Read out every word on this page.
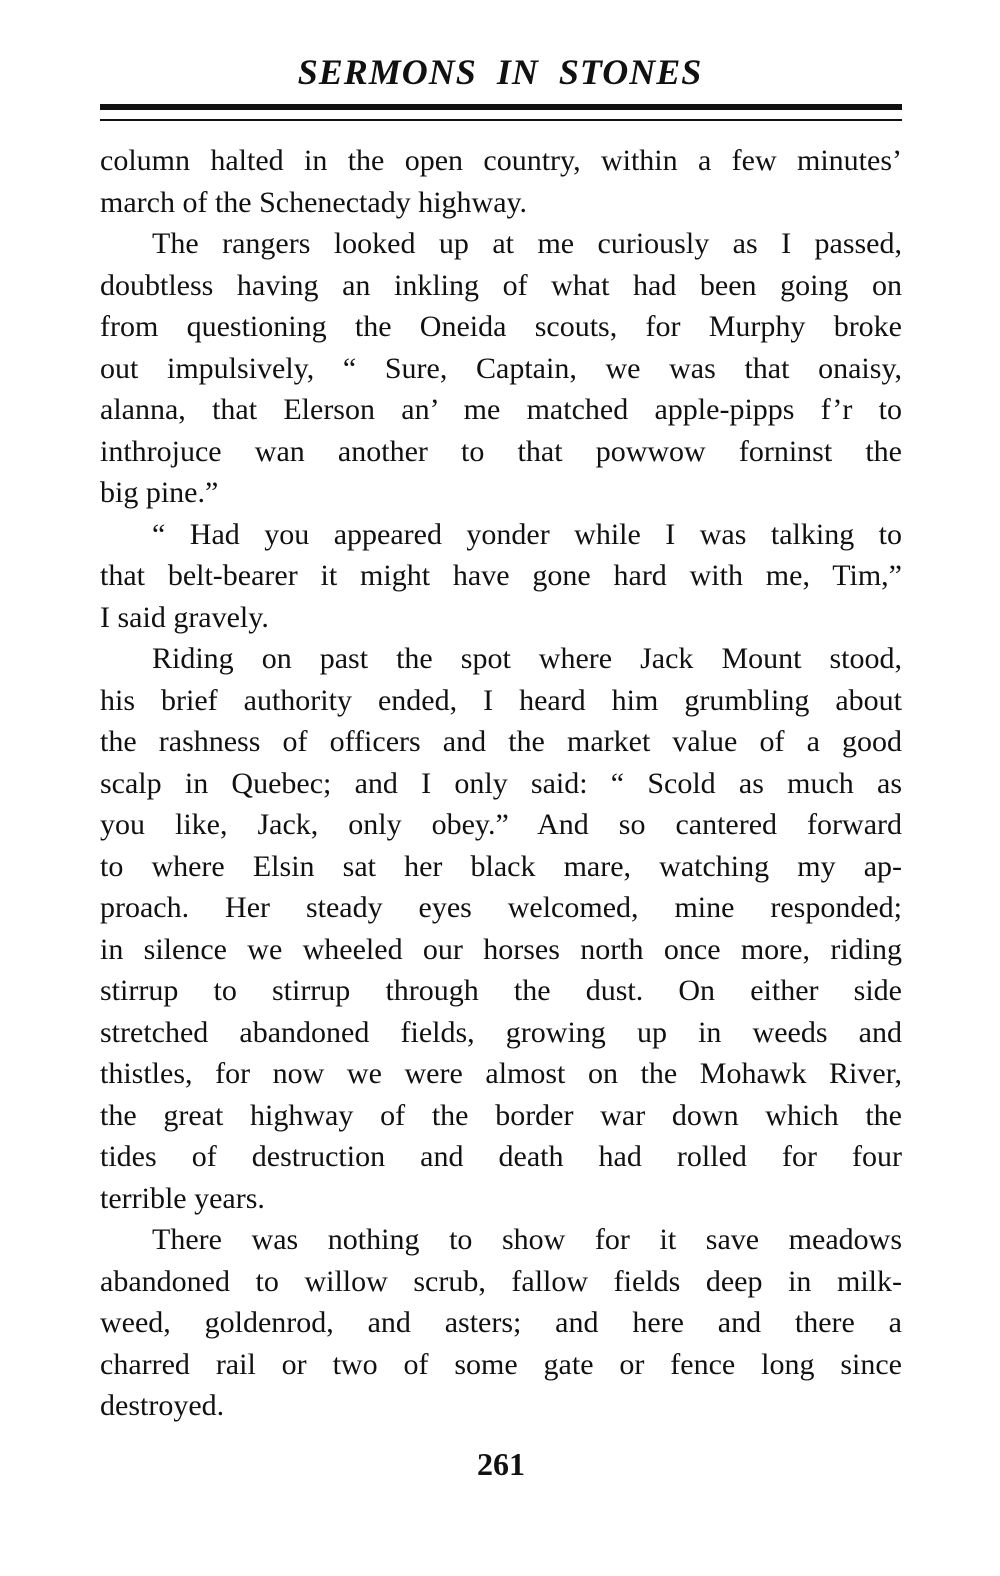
SERMONS IN STONES

column halted in the open country, within a few minutes’
march of the Schenectady highway.

The rangers looked up at me curiously as I passed,
doubtless having an inkling of what had been going on
from questioning the Oneida scouts, for Murphy broke
out impulsively, “ Sure, Captain, we was that onaisy,
alanna, that Elerson an’ me matched apple-pipps f’r to
inthrojuce wan another to that powwow forninst the
big pine.”

“ Had you appeared yonder while I was talking to
that belt-bearer it might have gone hard with me, Tim,”
I said gravely.

Riding on past the spot where Jack Mount stood,
his brief authority ended, I heard him grumbling about
the rashness of officers and the market value of a good
scalp in Quebec; and I only said: “ Scold as much as
you like, Jack, only obey.” And so cantered forward
to where Elsin sat her black mare, watching my ap-
proach. Her steady eyes welcomed, mine responded;
in silence we wheeled our horses north once more, riding
stirrup to stirrup through the dust. On either side
stretched abandoned fields, growing up in weeds and
thistles, for now we were almost on the Mohawk River,
the great highway of the border war down which the
tides of destruction and death had rolled for four
terrible years.

There was nothing to show for it save meadows
abandoned to willow scrub, fallow fields deep in milk-
weed, goldenrod, and asters; and here and there a
charred rail or two of some gate or fence long since
destroyed.

261
